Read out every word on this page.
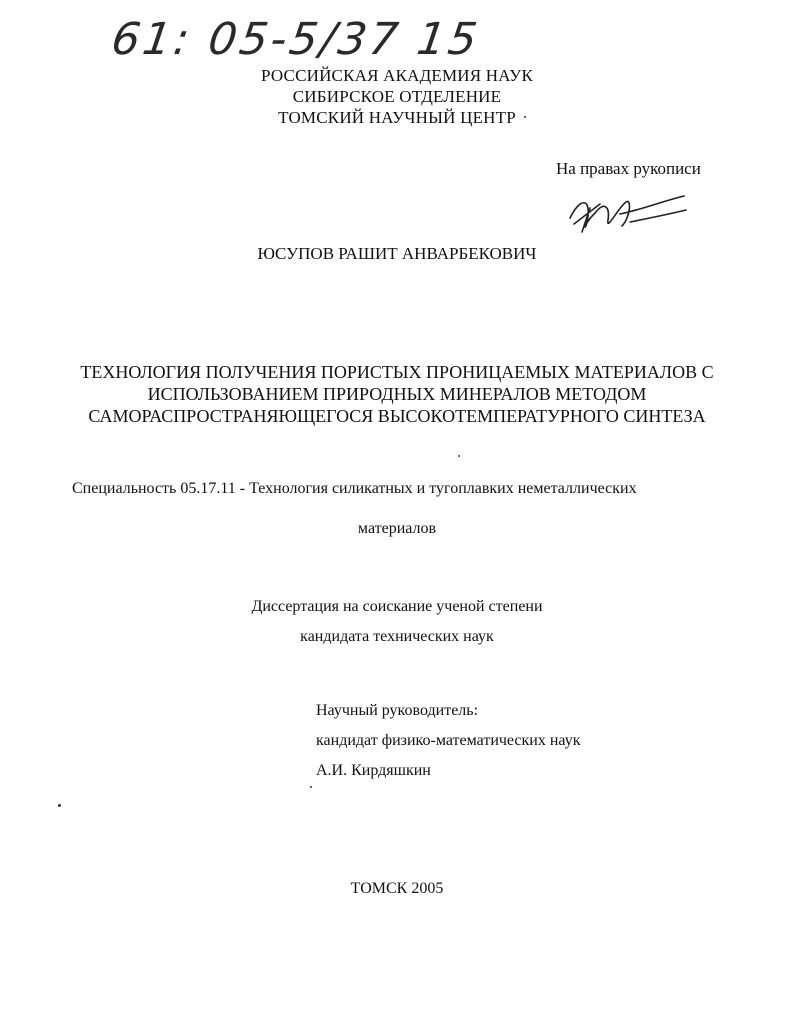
61: 05-5/37 15
РОССИЙСКАЯ АКАДЕМИЯ НАУК
СИБИРСКОЕ ОТДЕЛЕНИЕ
ТОМСКИЙ НАУЧНЫЙ ЦЕНТР
На правах рукописи
ЮСУПОВ РАШИТ АНВАРБЕКОВИЧ
ТЕХНОЛОГИЯ ПОЛУЧЕНИЯ ПОРИСТЫХ ПРОНИЦАЕМЫХ МАТЕРИАЛОВ С
ИСПОЛЬЗОВАНИЕМ ПРИРОДНЫХ МИНЕРАЛОВ МЕТОДОМ
САМОРАСПРОСТРАНЯЮЩЕГОСЯ ВЫСОКОТЕМПЕРАТУРНОГО СИНТЕЗА
Специальность 05.17.11 - Технология силикатных и тугоплавких неметаллических
материалов
Диссертация на соискание ученой степени
кандидата технических наук
Научный руководитель:
кандидат физико-математических наук
А.И. Кирдяшкин
ТОМСК 2005
